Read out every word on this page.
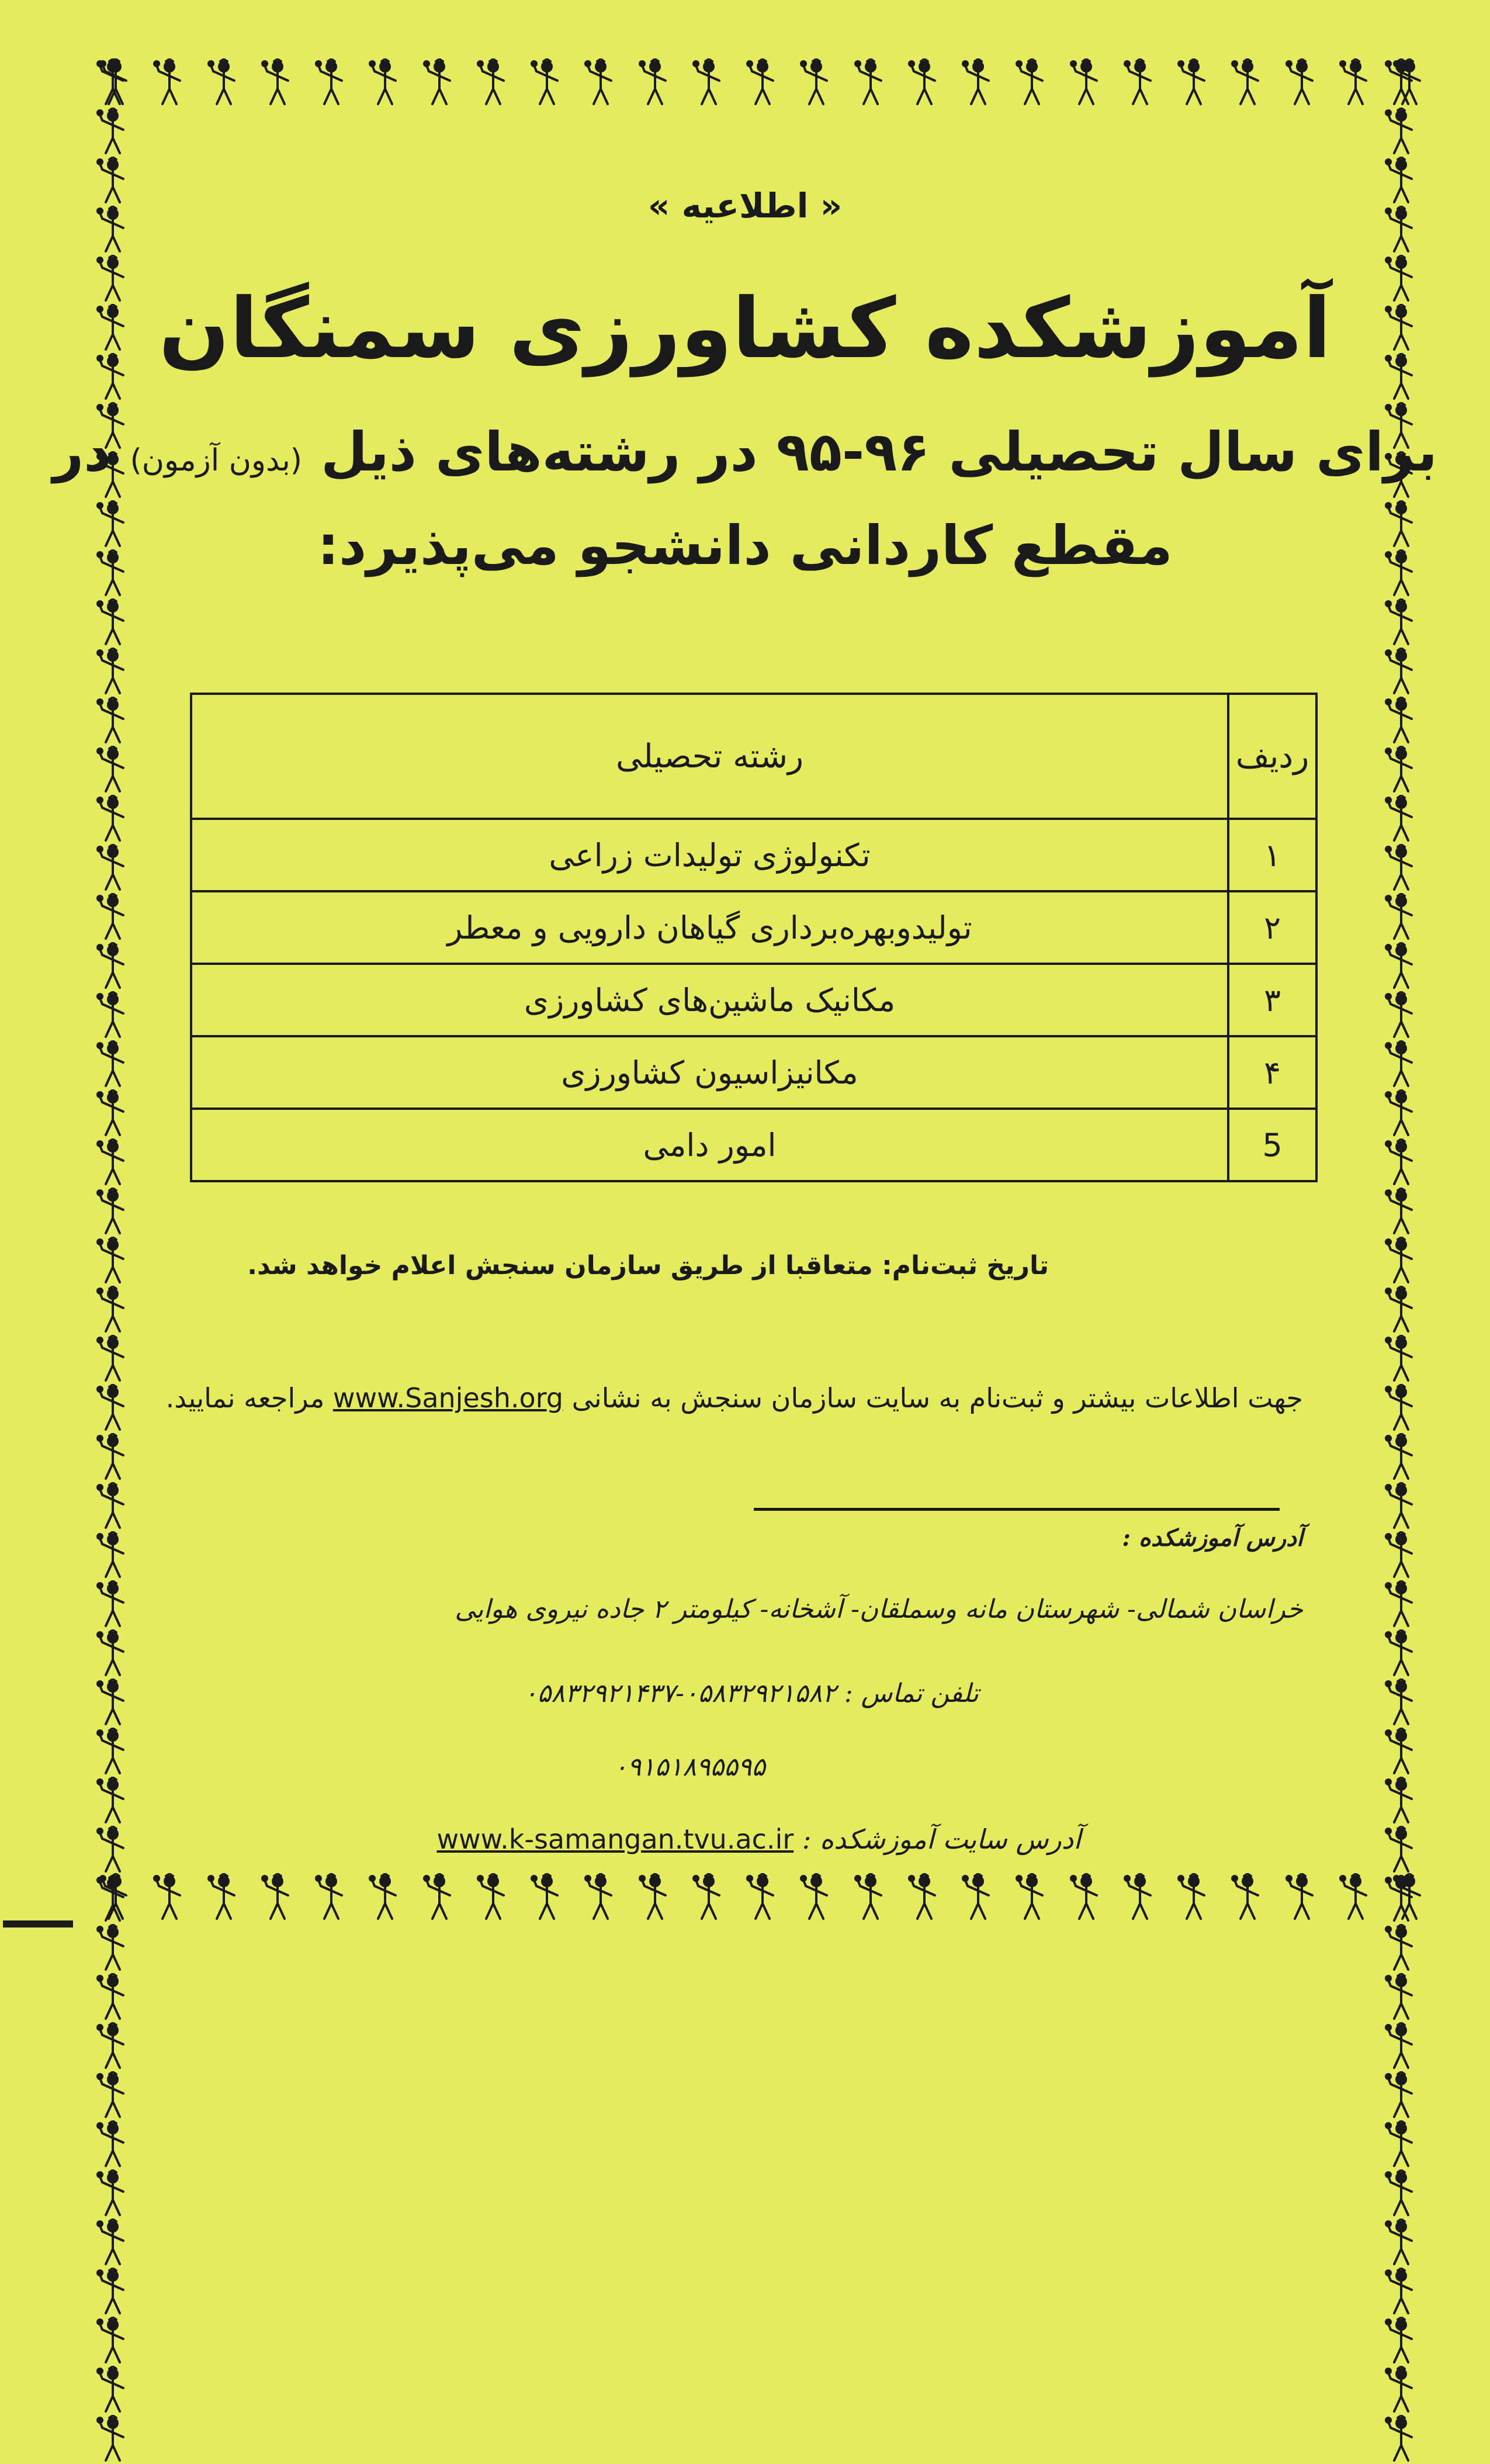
« اطلاعیه »
آموزشکده کشاورزی سمنگان
برای سال تحصیلی ۹۶-۹۵ در رشته‌های ذیل (بدون آزمون) در
مقطع کاردانی دانشجو می‌پذیرد:
ردیف	رشته تحصیلی
۱	تکنولوژی تولیدات زراعی
۲	تولیدوبهره‌برداری گیاهان دارویی و معطر
۳	مکانیک ماشین‌های کشاورزی
۴	مکانیزاسیون کشاورزی
5	امور دامی
تاریخ ثبت‌نام: متعاقبا از طریق سازمان سنجش اعلام خواهد شد.
جهت اطلاعات بیشتر و ثبت‌نام به سایت سازمان سنجش به نشانی www.Sanjesh.org مراجعه نمایید.
آدرس آموزشکده :
خراسان شمالی- شهرستان مانه وسملقان- آشخانه- کیلومتر ۲ جاده نیروی هوایی
تلفن تماس : ۰۵۸۳۲۹۲۱۵۸۲-۰۵۸۳۲۹۲۱۴۳۷
۰۹۱۵۱۸۹۵۵۹۵
آدرس سایت آموزشکده : www.k-samangan.tvu.ac.ir
